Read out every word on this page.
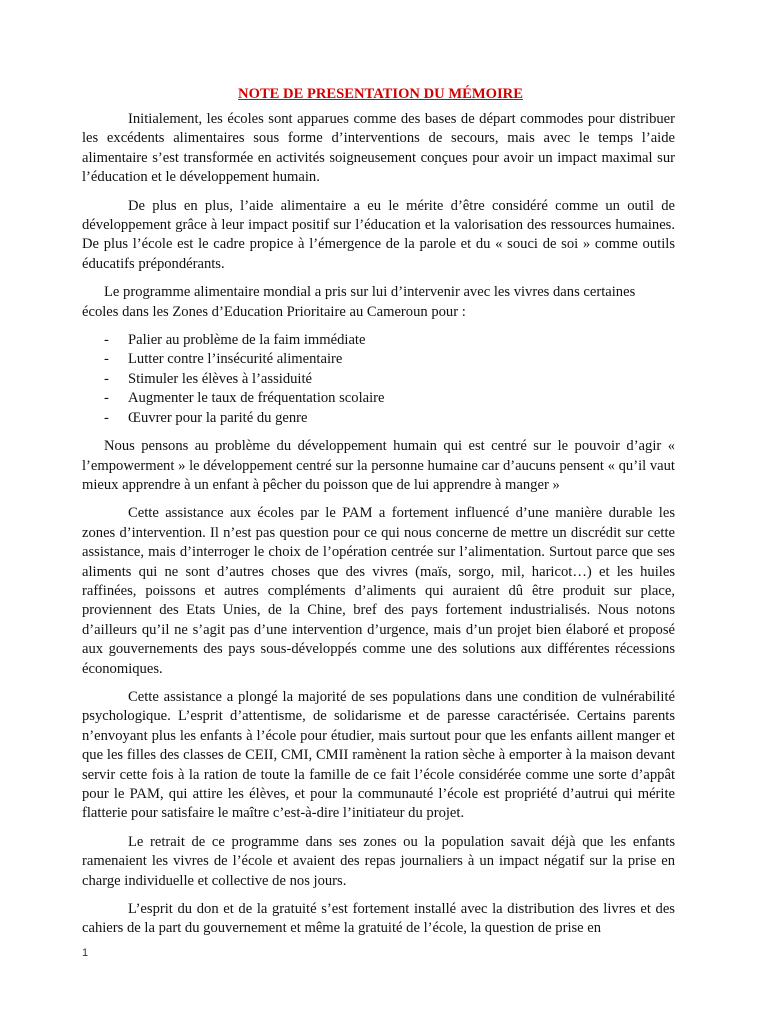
NOTE DE PRESENTATION DU MÉMOIRE

Initialement, les écoles sont apparues comme des bases de départ commodes pour distribuer les excédents alimentaires sous forme d’interventions de secours, mais avec le temps l’aide alimentaire s’est transformée en activités soigneusement conçues pour avoir un impact maximal sur l’éducation et le développement humain.

De plus en plus, l’aide alimentaire a eu le mérite d’être considéré comme un outil de développement grâce à leur impact positif sur l’éducation et la valorisation des ressources humaines. De plus l’école est le cadre propice à l’émergence de la parole et du « souci de soi » comme outils éducatifs prépondérants.

Le programme alimentaire mondial a pris sur lui d’intervenir avec les vivres dans certaines écoles dans les Zones d’Education Prioritaire au Cameroun pour :

- Palier au problème de la faim immédiate
- Lutter contre l’insécurité alimentaire
- Stimuler les élèves à l’assiduité
- Augmenter le taux de fréquentation scolaire
- Œuvrer pour la parité du genre

Nous pensons au problème du développement humain qui est centré sur le pouvoir d’agir « l’empowerment » le développement centré sur la personne humaine car d’aucuns pensent « qu’il vaut mieux apprendre à un enfant à pêcher du poisson que de lui apprendre à manger »

Cette assistance aux écoles par le PAM a fortement influencé d’une manière durable les zones d’intervention. Il n’est pas question pour ce qui nous concerne de mettre un discrédit sur cette assistance, mais d’interroger le choix de l’opération centrée sur l’alimentation. Surtout parce que ses aliments qui ne sont d’autres choses que des vivres (maïs, sorgo, mil, haricot…) et les huiles raffinées, poissons et autres compléments d’aliments qui auraient dû être produit sur place, proviennent des Etats Unies, de la Chine, bref des pays fortement industrialisés. Nous notons d’ailleurs qu’il ne s’agit pas d’une intervention d’urgence, mais d’un projet bien élaboré et proposé aux gouvernements des pays sous-développés comme une des solutions aux différentes récessions économiques.

Cette assistance a plongé la majorité de ses populations dans une condition de vulnérabilité psychologique. L’esprit d’attentisme, de solidarisme et de paresse caractérisée. Certains parents n’envoyant plus les enfants à l’école pour étudier, mais surtout pour que les enfants aillent manger et que les filles des classes de CEII, CMI, CMII ramènent la ration sèche à emporter à la maison devant servir cette fois à la ration de toute la famille de ce fait l’école considérée comme une sorte d’appât pour le PAM, qui attire les élèves, et pour la communauté l’école est propriété d’autrui qui mérite flatterie pour satisfaire le maître c’est-à-dire l’initiateur du projet.

Le retrait de ce programme dans ses zones ou la population savait déjà que les enfants ramenaient les vivres de l’école et avaient des repas journaliers à un impact négatif sur la prise en charge individuelle et collective de nos jours.

L’esprit du don et de la gratuité s’est fortement installé avec la distribution des livres et des cahiers de la part du gouvernement et même la gratuité de l’école, la question de prise en

1
